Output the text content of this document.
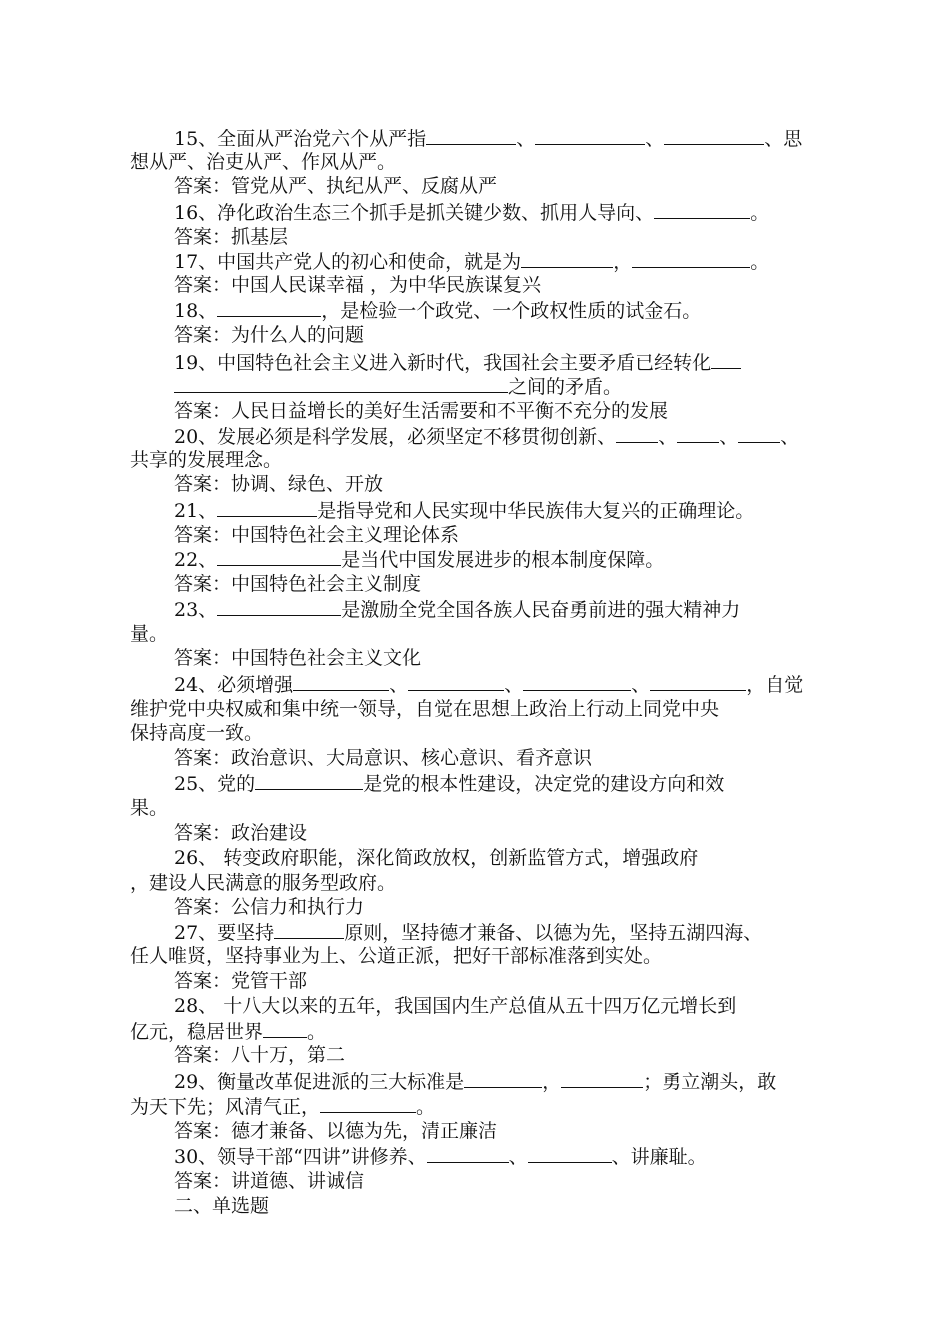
15、全面从严治党六个从严指	、	、	、思
想从严、治吏从严、作风从严。
答案：管党从严、执纪从严、反腐从严
16、净化政治生态三个抓手是抓关键少数、抓用人导向、	。
答案：抓基层
17、中国共产党人的初心和使命，就是为	，	。
答案：中国人民谋幸福 ，为中华民族谋复兴
18、	，是检验一个政党、一个政权性质的试金石。
答案：为什么人的问题
19、中国特色社会主义进入新时代，我国社会主要矛盾已经转化
之间的矛盾。
答案：人民日益增长的美好生活需要和不平衡不充分的发展
20、发展必须是科学发展，必须坚定不移贯彻创新、 、 、 、
共享的发展理念。
答案：协调、绿色、开放
21、	是指导党和人民实现中华民族伟大复兴的正确理论。
答案：中国特色社会主义理论体系
22、	是当代中国发展进步的根本制度保障。
答案：中国特色社会主义制度
23、	是激励全党全国各族人民奋勇前进的强大精神力
量。
答案：中国特色社会主义文化
24、必须增强	、	、	、	，自觉
维护党中央权威和集中统一领导，自觉在思想上政治上行动上同党中央
保持高度一致。
答案：政治意识、大局意识、核心意识、看齐意识
25、党的	是党的根本性建设，决定党的建设方向和效
果。
答案：政治建设
26、 转变政府职能，深化简政放权，创新监管方式，增强政府
，建设人民满意的服务型政府。
答案：公信力和执行力
27、要坚持	原则，坚持德才兼备、以德为先，坚持五湖四海、
任人唯贤，坚持事业为上、公道正派，把好干部标准落到实处。
答案：党管干部
28、 十八大以来的五年，我国国内生产总值从五十四万亿元增长到
亿元，稳居世界 。
答案：八十万，第二
29、衡量改革促进派的三大标准是	，	；勇立潮头，敢
为天下先；风清气正，	。
答案：德才兼备、以德为先，清正廉洁
30、领导干部“四讲”讲修养、	、	、讲廉耻。
答案：讲道德、讲诚信
二、单选题
